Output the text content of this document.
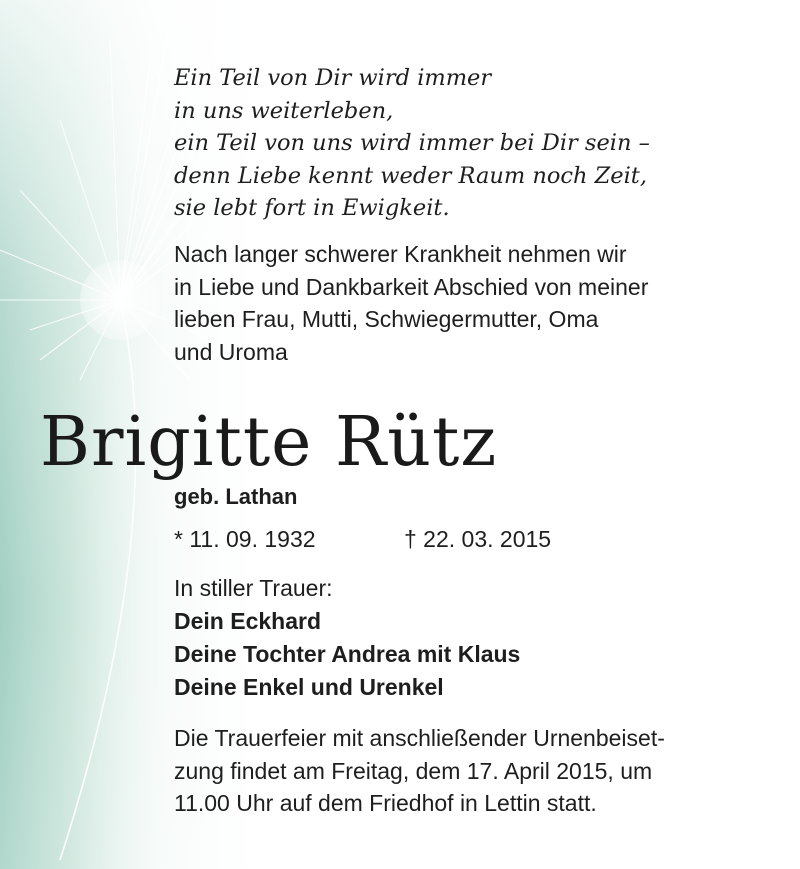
Ein Teil von Dir wird immer
in uns weiterleben,
ein Teil von uns wird immer bei Dir sein –
denn Liebe kennt weder Raum noch Zeit,
sie lebt fort in Ewigkeit.
Nach langer schwerer Krankheit nehmen wir
in Liebe und Dankbarkeit Abschied von meiner
lieben Frau, Mutti, Schwiegermutter, Oma
und Uroma
Brigitte Rütz
geb. Lathan
* 11. 09. 1932	† 22. 03. 2015
In stiller Trauer:
Dein Eckhard
Deine Tochter Andrea mit Klaus
Deine Enkel und Urenkel
Die Trauerfeier mit anschließender Urnenbeiset-
zung findet am Freitag, dem 17. April 2015, um
11.00 Uhr auf dem Friedhof in Lettin statt.
